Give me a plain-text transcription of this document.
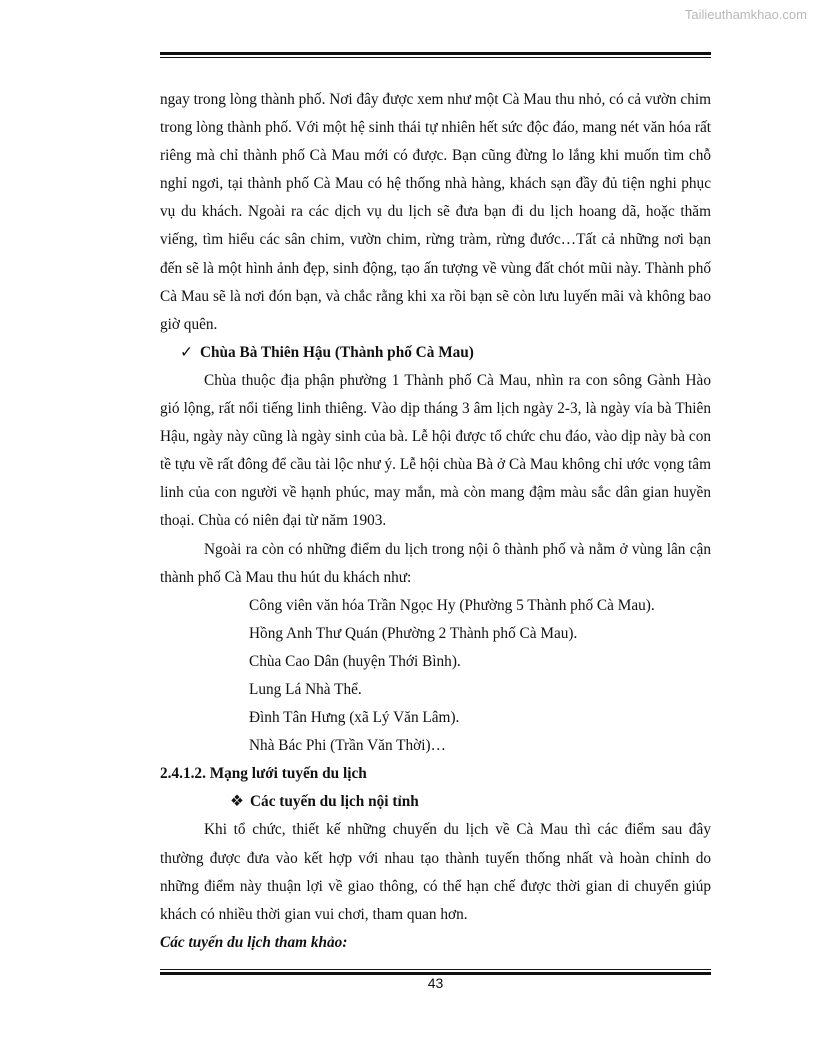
Tailieuthamkhao.com

ngay trong lòng thành phố. Nơi đây được xem như một Cà Mau thu nhỏ, có cả vườn chim trong lòng thành phố. Với một hệ sinh thái tự nhiên hết sức độc đáo, mang nét văn hóa rất riêng mà chỉ thành phố Cà Mau mới có được. Bạn cũng đừng lo lắng khi muốn tìm chỗ nghỉ ngơi, tại thành phố Cà Mau có hệ thống nhà hàng, khách sạn đầy đủ tiện nghi phục vụ du khách. Ngoài ra các dịch vụ du lịch sẽ đưa bạn đi du lịch hoang dã, hoặc thăm viếng, tìm hiểu các sân chim, vườn chim, rừng tràm, rừng đước…Tất cả những nơi bạn đến sẽ là một hình ảnh đẹp, sinh động, tạo ấn tượng về vùng đất chót mũi này. Thành phố Cà Mau sẽ là nơi đón bạn, và chắc rằng khi xa rồi bạn sẽ còn lưu luyến mãi và không bao giờ quên.

✓ Chùa Bà Thiên Hậu (Thành phố Cà Mau)

Chùa thuộc địa phận phường 1 Thành phố Cà Mau, nhìn ra con sông Gành Hào gió lộng, rất nổi tiếng linh thiêng. Vào dịp tháng 3 âm lịch ngày 2-3, là ngày vía bà Thiên Hậu, ngày này cũng là ngày sinh của bà. Lễ hội được tổ chức chu đáo, vào dịp này bà con tề tựu về rất đông để cầu tài lộc như ý. Lễ hội chùa Bà ở Cà Mau không chỉ ước vọng tâm linh của con người về hạnh phúc, may mắn, mà còn mang đậm màu sắc dân gian huyền thoại. Chùa có niên đại từ năm 1903.

Ngoài ra còn có những điểm du lịch trong nội ô thành phố và nằm ở vùng lân cận thành phố Cà Mau thu hút du khách như:

Công viên văn hóa Trần Ngọc Hy (Phường 5 Thành phố Cà Mau).

Hồng Anh Thư Quán (Phường 2 Thành phố Cà Mau).

Chùa Cao Dân (huyện Thới Bình).

Lung Lá Nhà Thể.

Đình Tân Hưng (xã Lý Văn Lâm).

Nhà Bác Phi (Trần Văn Thời)…

2.4.1.2. Mạng lưới tuyến du lịch

❖ Các tuyến du lịch nội tỉnh

Khi tổ chức, thiết kế những chuyến du lịch về Cà Mau thì các điểm sau đây thường được đưa vào kết hợp với nhau tạo thành tuyến thống nhất và hoàn chỉnh do những điểm này thuận lợi về giao thông, có thể hạn chế được thời gian di chuyển giúp khách có nhiều thời gian vui chơi, tham quan hơn.

Các tuyến du lịch tham khảo:

43
